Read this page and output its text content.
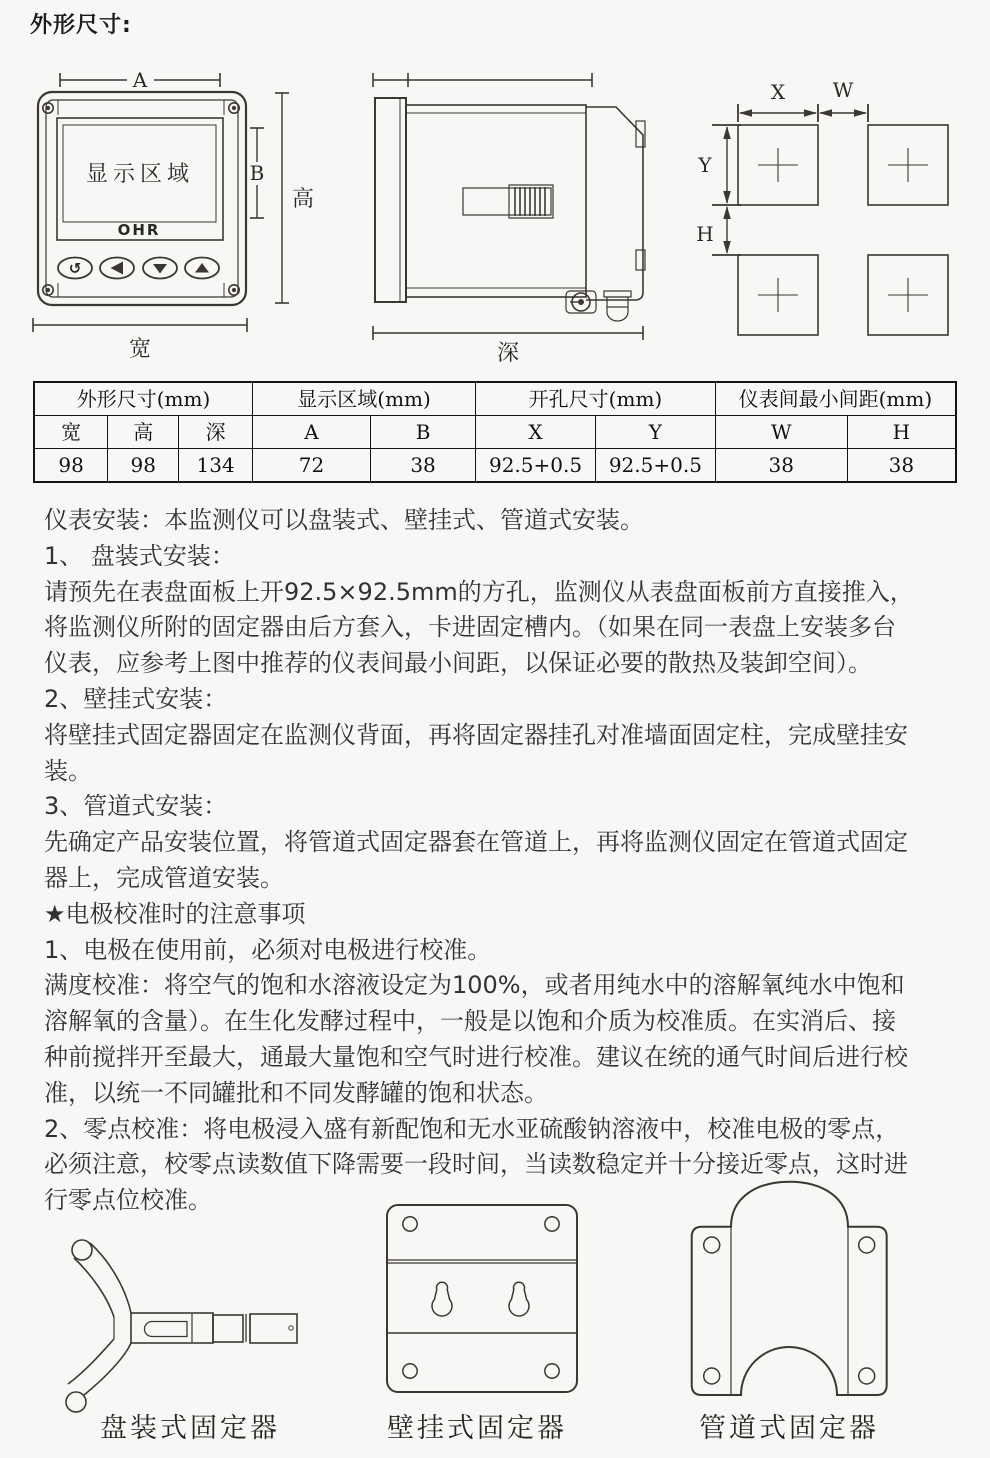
A
显示区域
OHR
↺
B
高
宽	深
X W
Y
H
外形尺寸:
外形尺寸(mm)			显示区域(mm)		开孔尺寸(mm)		仪表间最小间距(mm)	
宽	高	深	A	B	X	Y	W	H
98	98	134	72	38	92.5+0.5	92.5+0.5	38	38
仪表安装：本监测仪可以盘装式、壁挂式、管道式安装。
1、 盘装式安装：
请预先在表盘面板上开92.5×92.5mm的方孔，监测仪从表盘面板前方直接推入，
将监测仪所附的固定器由后方套入，卡进固定槽内。（如果在同一表盘上安装多台
仪表，应参考上图中推荐的仪表间最小间距，以保证必要的散热及装卸空间）。
2、壁挂式安装：
将壁挂式固定器固定在监测仪背面，再将固定器挂孔对准墙面固定柱，完成壁挂安
装。
3、管道式安装：
先确定产品安装位置，将管道式固定器套在管道上，再将监测仪固定在管道式固定
器上，完成管道安装。
★电极校准时的注意事项
1、电极在使用前，必须对电极进行校准。
满度校准：将空气的饱和水溶液设定为100%，或者用纯水中的溶解氧纯水中饱和
溶解氧的含量）。在生化发酵过程中，一般是以饱和介质为校准质。在实消后、接
种前搅拌开至最大，通最大量饱和空气时进行校准。建议在统的通气时间后进行校
准，以统一不同罐批和不同发酵罐的饱和状态。
2、零点校准：将电极浸入盛有新配饱和无水亚硫酸钠溶液中，校准电极的零点，
必须注意，校零点读数值下降需要一段时间，当读数稳定并十分接近零点，这时进
行零点位校准。
盘装式固定器	壁挂式固定器	管道式固定器
